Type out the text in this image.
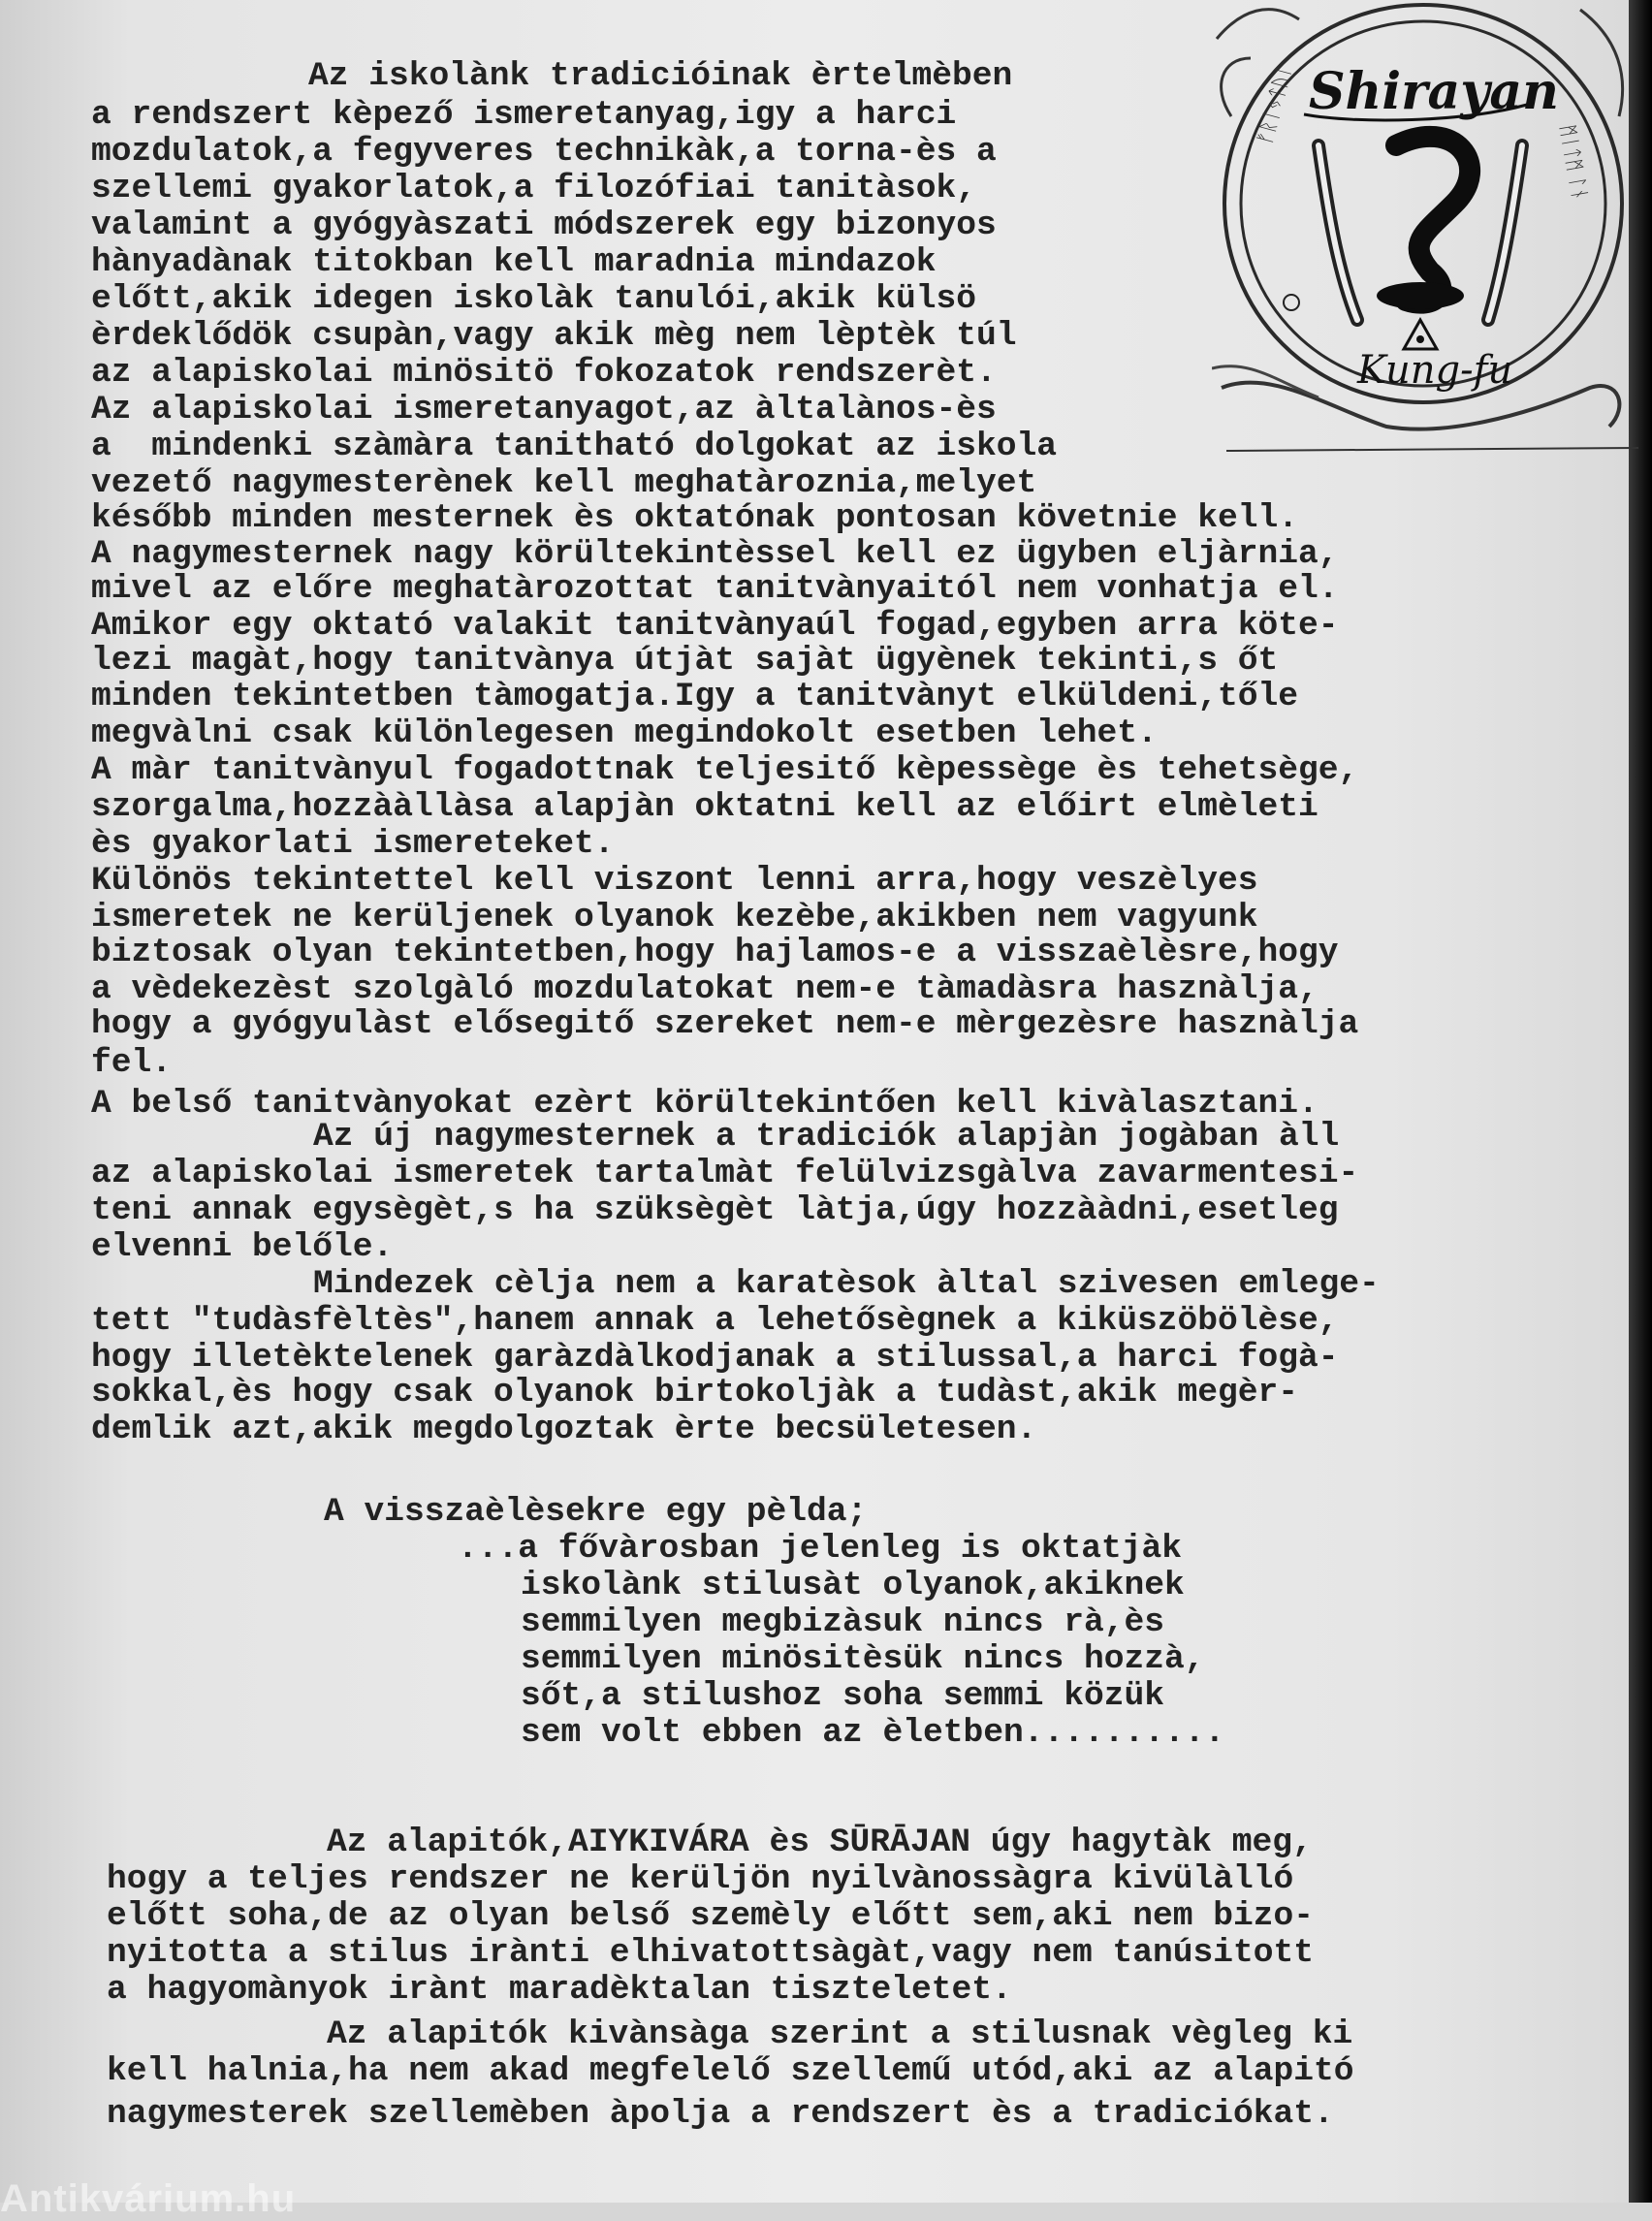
ᚠᚱᛁᛃᛏᚢᛚ
ᛗᛁᛏᛗ ᛚᚾ
Shirayan
Kung-fu
Az iskolànk tradicióinak èrtelmèben
a rendszert kèpező ismeretanyag,igy a harci
mozdulatok,a fegyveres technikàk,a torna-ès a
szellemi gyakorlatok,a filozófiai tanitàsok,
valamint a gyógyàszati módszerek egy bizonyos
hànyadànak titokban kell maradnia mindazok
előtt,akik idegen iskolàk tanulói,akik külsö
èrdeklődök csupàn,vagy akik mèg nem lèptèk túl
az alapiskolai minösitö fokozatok rendszerèt.
Az alapiskolai ismeretanyagot,az àltalànos-ès
a  mindenki szàmàra tanitható dolgokat az iskola
vezető nagymesterènek kell meghatàroznia,melyet
később minden mesternek ès oktatónak pontosan követnie kell.
A nagymesternek nagy körültekintèssel kell ez ügyben eljàrnia,
mivel az előre meghatàrozottat tanitvànyaitól nem vonhatja el.
Amikor egy oktató valakit tanitvànyaúl fogad,egyben arra köte-
lezi magàt,hogy tanitvànya útjàt sajàt ügyènek tekinti,s őt
minden tekintetben tàmogatja.Igy a tanitvànyt elküldeni,tőle
megvàlni csak különlegesen megindokolt esetben lehet.
A màr tanitvànyul fogadottnak teljesitő kèpessège ès tehetsège,
szorgalma,hozzààllàsa alapjàn oktatni kell az előirt elmèleti
ès gyakorlati ismereteket.
Különös tekintettel kell viszont lenni arra,hogy veszèlyes
ismeretek ne kerüljenek olyanok kezèbe,akikben nem vagyunk
biztosak olyan tekintetben,hogy hajlamos-e a visszaèlèsre,hogy
a vèdekezèst szolgàló mozdulatokat nem-e tàmadàsra hasznàlja,
hogy a gyógyulàst elősegitő szereket nem-e mèrgezèsre hasznàlja
fel.
A belső tanitvànyokat ezèrt körültekintően kell kivàlasztani.
Az új nagymesternek a tradiciók alapjàn jogàban àll
az alapiskolai ismeretek tartalmàt felülvizsgàlva zavarmentesi-
teni annak egysègèt,s ha szüksègèt làtja,úgy hozzààdni,esetleg
elvenni belőle.
Mindezek cèlja nem a karatèsok àltal szivesen emlege-
tett "tudàsfèltès",hanem annak a lehetősègnek a kiküszöbölèse,
hogy illetèktelenek garàzdàlkodjanak a stilussal,a harci fogà-
sokkal,ès hogy csak olyanok birtokoljàk a tudàst,akik megèr-
demlik azt,akik megdolgoztak èrte becsületesen.
A visszaèlèsekre egy pèlda;
...a fővàrosban jelenleg is oktatjàk
iskolànk stilusàt olyanok,akiknek
semmilyen megbizàsuk nincs rà,ès
semmilyen minösitèsük nincs hozzà,
sőt,a stilushoz soha semmi közük
sem volt ebben az èletben..........
Az alapitók,AIYKIVÁRA ès SŪRĀJAN úgy hagytàk meg,
hogy a teljes rendszer ne kerüljön nyilvànossàgra kivülàlló
előtt soha,de az olyan belső szemèly előtt sem,aki nem bizo-
nyitotta a stilus irànti elhivatottsàgàt,vagy nem tanúsitott
a hagyomànyok irànt maradèktalan tiszteletet.
Az alapitók kivànsàga szerint a stilusnak vègleg ki
kell halnia,ha nem akad megfelelő szellemű utód,aki az alapitó
nagymesterek szellemèben àpolja a rendszert ès a tradiciókat.
Antikvárium.hu
